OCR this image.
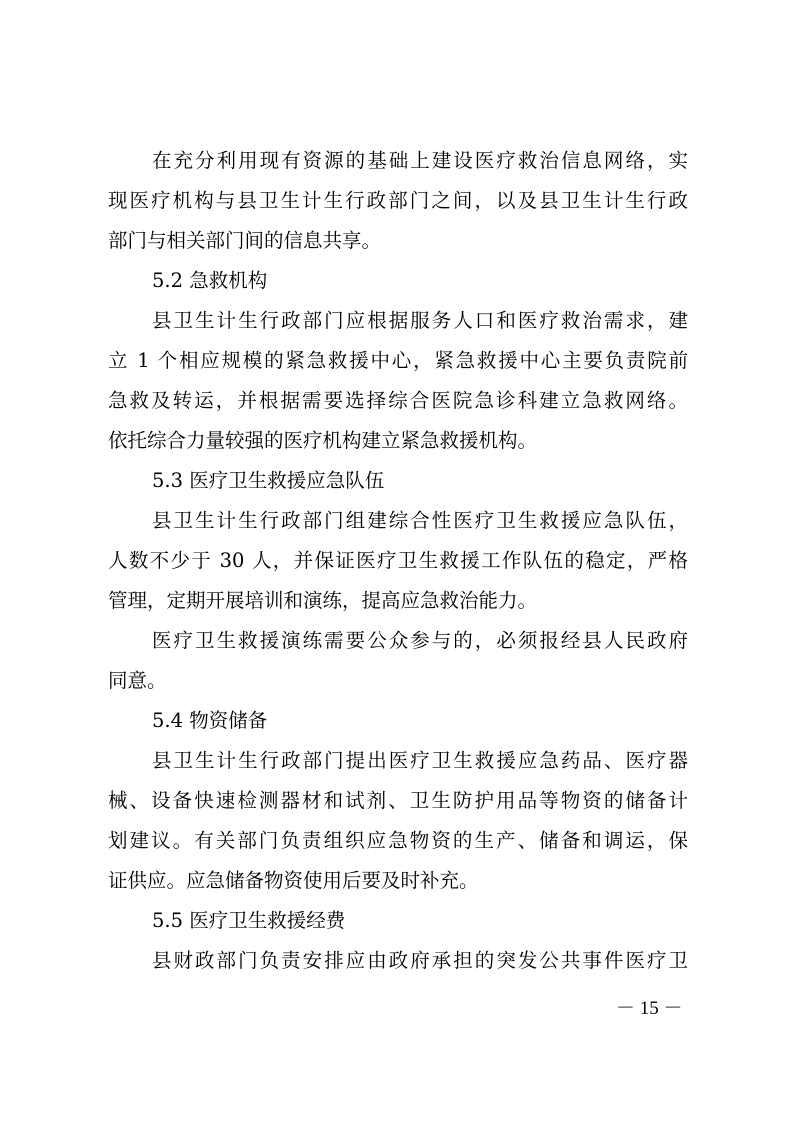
在充分利用现有资源的基础上建设医疗救治信息网络，实
现医疗机构与县卫生计生行政部门之间，以及县卫生计生行政
部门与相关部门间的信息共享。
5.2 急救机构
县卫生计生行政部门应根据服务人口和医疗救治需求，建
立 1 个相应规模的紧急救援中心，紧急救援中心主要负责院前
急救及转运，并根据需要选择综合医院急诊科建立急救网络。
依托综合力量较强的医疗机构建立紧急救援机构。
5.3 医疗卫生救援应急队伍
县卫生计生行政部门组建综合性医疗卫生救援应急队伍，
人数不少于 30 人，并保证医疗卫生救援工作队伍的稳定，严格
管理，定期开展培训和演练，提高应急救治能力。
医疗卫生救援演练需要公众参与的，必须报经县人民政府
同意。
5.4 物资储备
县卫生计生行政部门提出医疗卫生救援应急药品、医疗器
械、设备快速检测器材和试剂、卫生防护用品等物资的储备计
划建议。有关部门负责组织应急物资的生产、储备和调运，保
证供应。应急储备物资使用后要及时补充。
5.5 医疗卫生救援经费
县财政部门负责安排应由政府承担的突发公共事件医疗卫
－ 15 －
